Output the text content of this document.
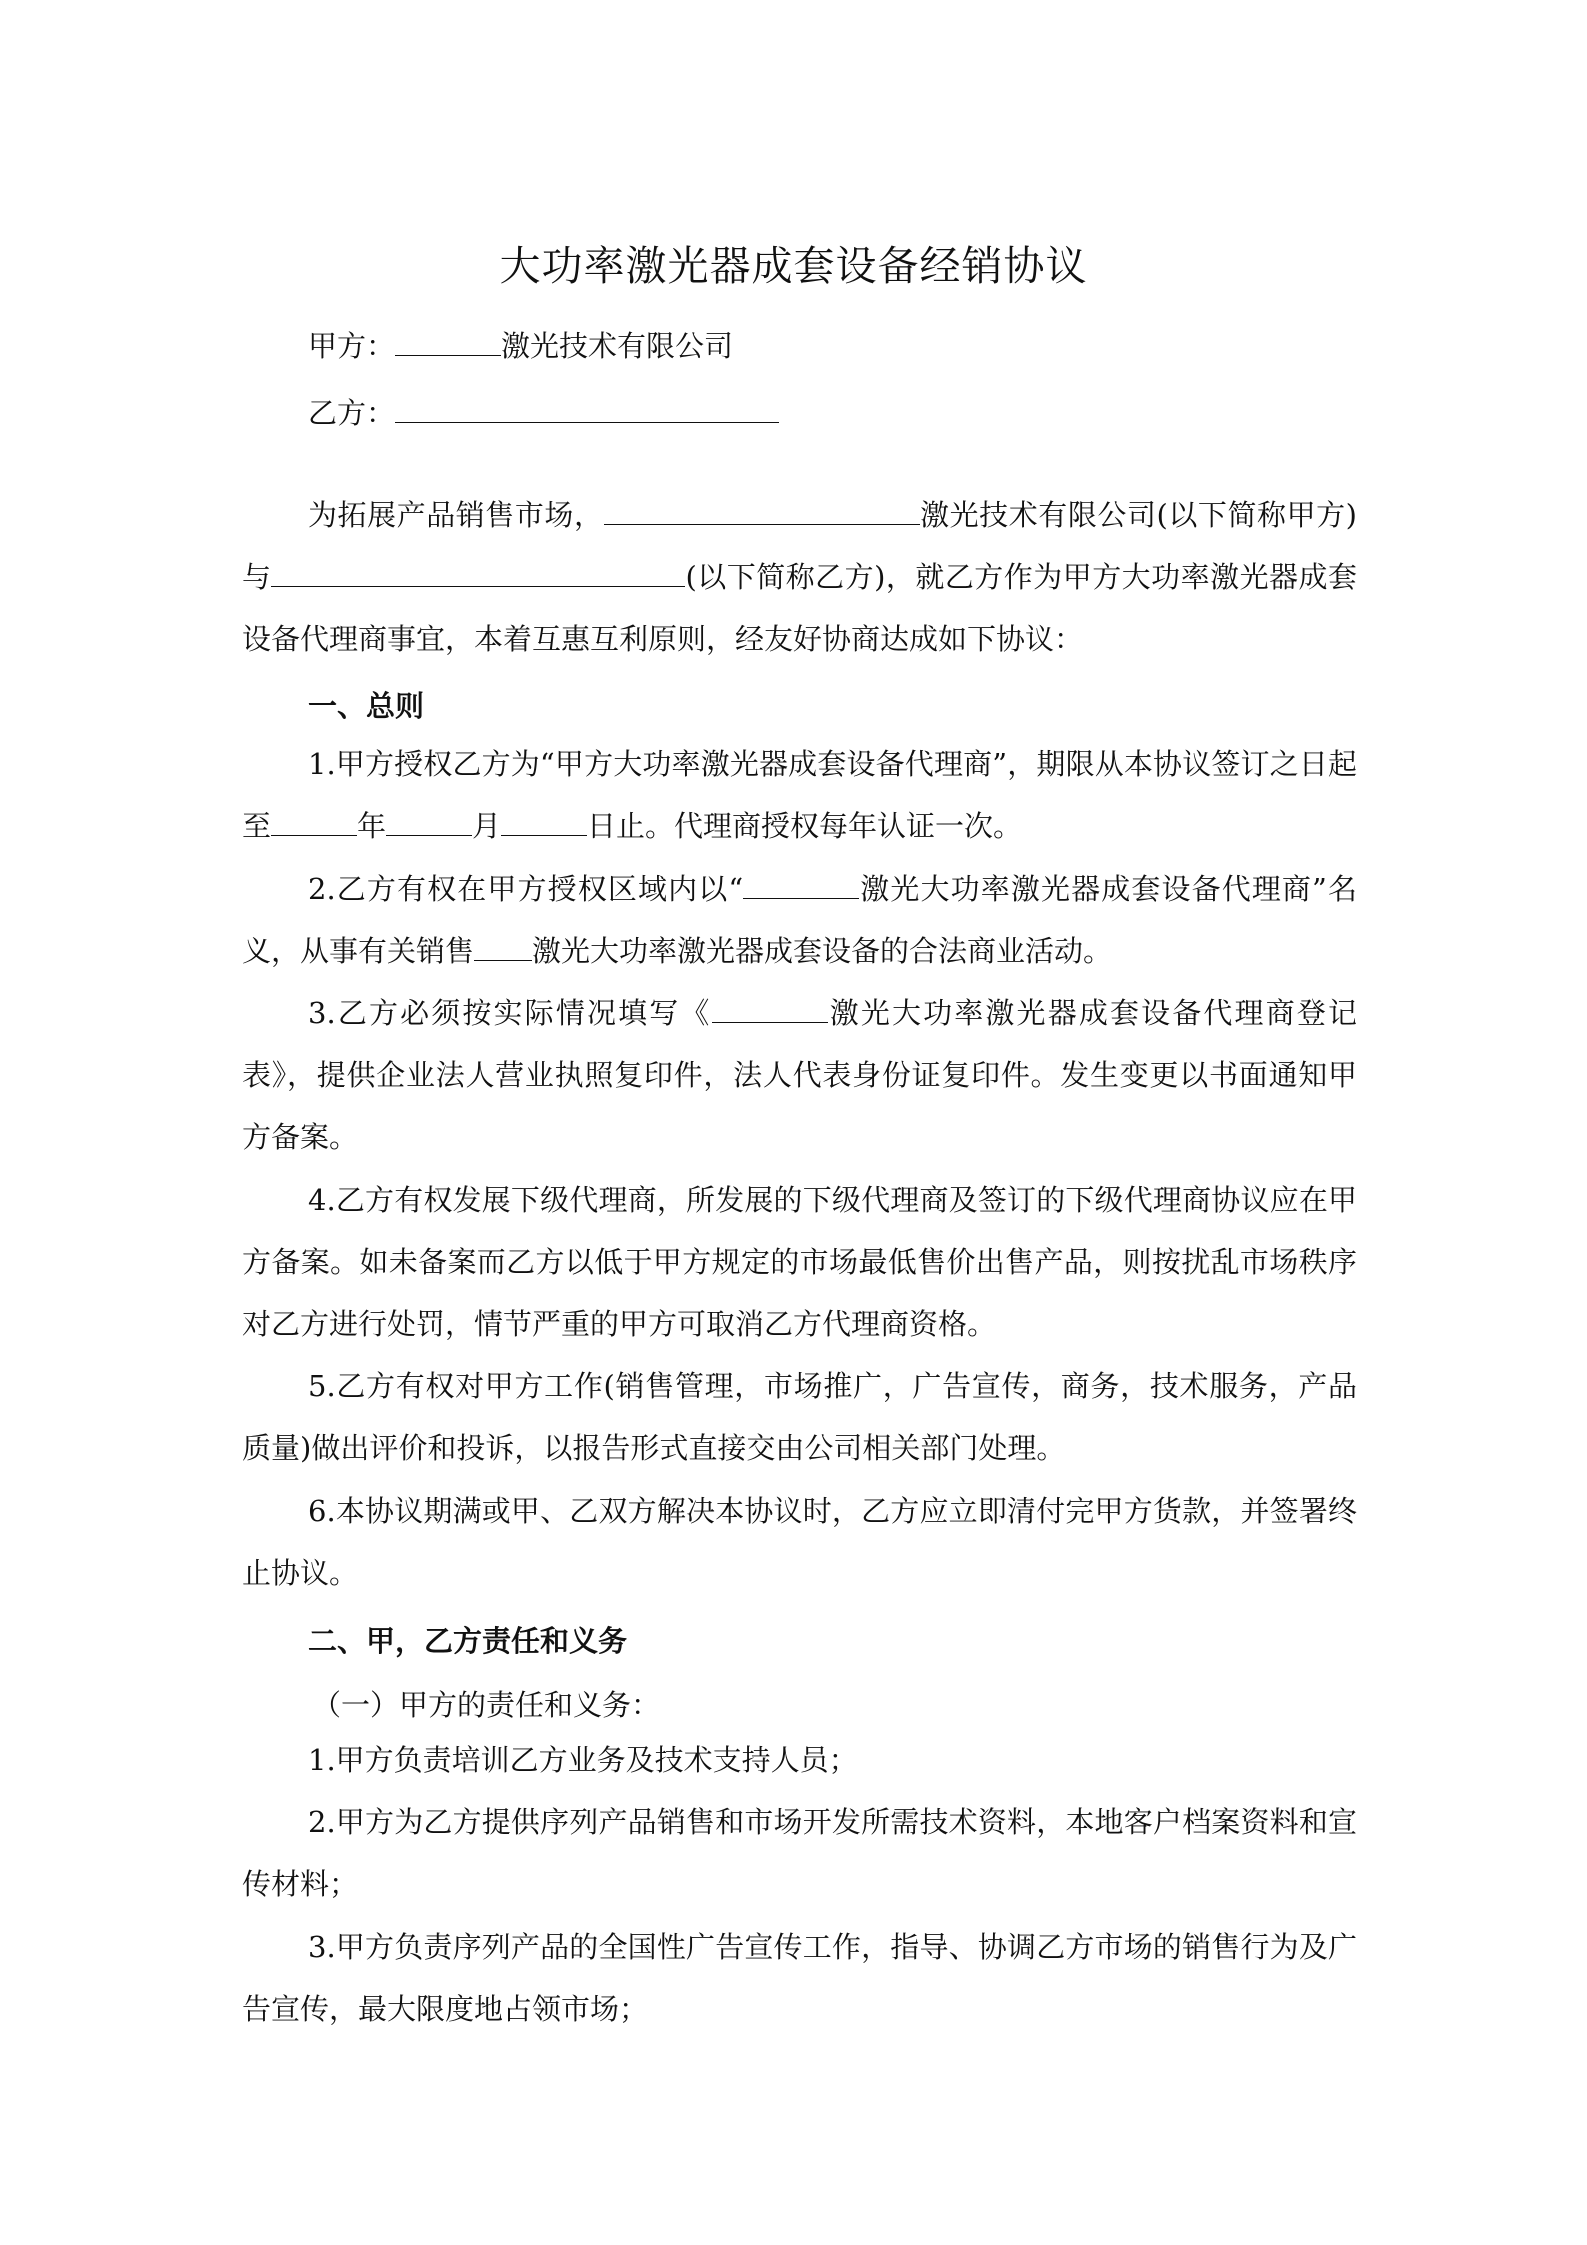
大功率激光器成套设备经销协议
甲方：	激光技术有限公司
乙方：
为拓展产品销售市场，	激光技术有限公司(以下简称甲方)与	(以下简称乙方)，就乙方作为甲方大功率激光器成套设备代理商事宜，本着互惠互利原则，经友好协商达成如下协议：
一、总则
1.甲方授权乙方为“甲方大功率激光器成套设备代理商”，期限从本协议签订之日起至	年	月	日止。代理商授权每年认证一次。
2.乙方有权在甲方授权区域内以“	激光大功率激光器成套设备代理商”名义，从事有关销售 激光大功率激光器成套设备的合法商业活动。
3.乙方必须按实际情况填写《	激光大功率激光器成套设备代理商登记表》，提供企业法人营业执照复印件，法人代表身份证复印件。发生变更以书面通知甲方备案。
4.乙方有权发展下级代理商，所发展的下级代理商及签订的下级代理商协议应在甲方备案。如未备案而乙方以低于甲方规定的市场最低售价出售产品，则按扰乱市场秩序对乙方进行处罚，情节严重的甲方可取消乙方代理商资格。
5.乙方有权对甲方工作(销售管理，市场推广，广告宣传，商务，技术服务，产品质量)做出评价和投诉，以报告形式直接交由公司相关部门处理。
6.本协议期满或甲、乙双方解决本协议时，乙方应立即清付完甲方货款，并签署终止协议。
二、甲，乙方责任和义务
（一）甲方的责任和义务：
1.甲方负责培训乙方业务及技术支持人员；
2.甲方为乙方提供序列产品销售和市场开发所需技术资料，本地客户档案资料和宣传材料；
3.甲方负责序列产品的全国性广告宣传工作，指导、协调乙方市场的销售行为及广告宣传，最大限度地占领市场；
